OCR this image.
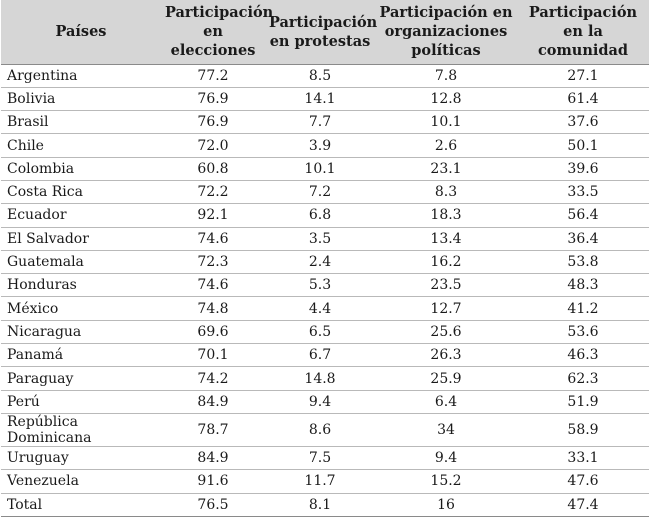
Países	Participación en elecciones	Participación en protestas	Participación en organizaciones políticas	Participación en la comunidad
Argentina	77.2	8.5	7.8	27.1
Bolivia	76.9	14.1	12.8	61.4
Brasil	76.9	7.7	10.1	37.6
Chile	72.0	3.9	2.6	50.1
Colombia	60.8	10.1	23.1	39.6
Costa Rica	72.2	7.2	8.3	33.5
Ecuador	92.1	6.8	18.3	56.4
El Salvador	74.6	3.5	13.4	36.4
Guatemala	72.3	2.4	16.2	53.8
Honduras	74.6	5.3	23.5	48.3
México	74.8	4.4	12.7	41.2
Nicaragua	69.6	6.5	25.6	53.6
Panamá	70.1	6.7	26.3	46.3
Paraguay	74.2	14.8	25.9	62.3
Perú	84.9	9.4	6.4	51.9
República Dominicana	78.7	8.6	34	58.9
Uruguay	84.9	7.5	9.4	33.1
Venezuela	91.6	11.7	15.2	47.6
Total	76.5	8.1	16	47.4
